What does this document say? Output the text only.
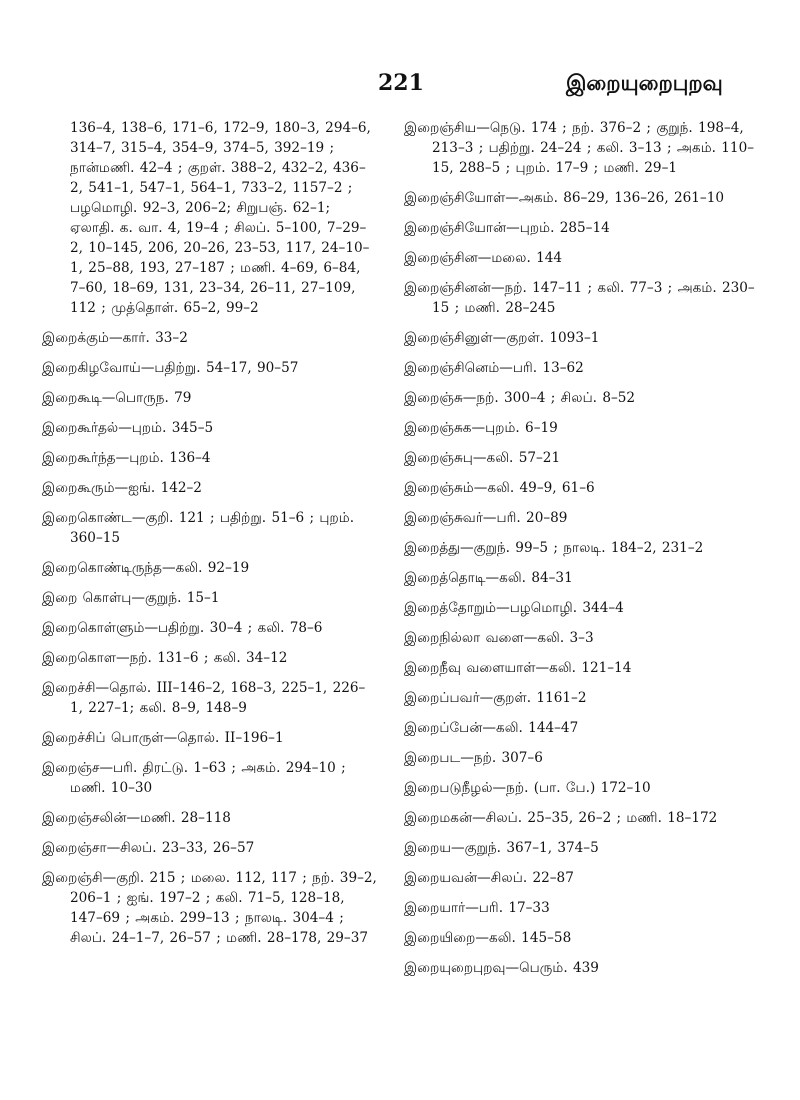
221	இறையுறைபுறவு

136–4, 138–6, 171–6, 172–9, 180–3, 294–6, 314–7, 315–4, 354–9, 374–5, 392–19 ; நான்மணி. 42–4 ; குறள். 388–2, 432–2, 436–2, 541–1, 547–1, 564–1, 733–2, 1157–2 ; பழமொழி. 92–3, 206–2; சிறுபஞ். 62–1; ஏலாதி. க. வா. 4, 19–4 ; சிலப். 5–100, 7–29–2, 10–145, 206, 20–26, 23–53, 117, 24–10–1, 25–88, 193, 27–187 ; மணி. 4–69, 6–84, 7–60, 18–69, 131, 23–34, 26–11, 27–109, 112 ; முத்தொள். 65–2, 99–2

இறைக்கும்—கார். 33–2

இறைகிழவோய்—பதிற்று. 54–17, 90–57

இறைகூடி—பொருந. 79

இறைகூர்தல்—புறம். 345–5

இறைகூர்ந்த—புறம். 136–4

இறைகூரும்—ஐங். 142–2

இறைகொண்ட—குறி. 121 ; பதிற்று. 51–6 ; புறம். 360–15

இறைகொண்டிருந்த—கலி. 92–19

இறை கொள்பு—குறுந். 15–1

இறைகொள்ளும்—பதிற்று. 30–4 ; கலி. 78–6

இறைகொள—நற். 131–6 ; கலி. 34–12

இறைச்சி—தொல். III–146–2, 168–3, 225–1, 226–1, 227–1; கலி. 8–9, 148–9

இறைச்சிப் பொருள்—தொல். II–196–1

இறைஞ்ச—பரி. திரட்டு. 1–63 ; அகம். 294–10 ; மணி. 10–30

இறைஞ்சலின்—மணி. 28–118

இறைஞ்சா—சிலப். 23–33, 26–57

இறைஞ்சி—குறி. 215 ; மலை. 112, 117 ; நற். 39–2, 206–1 ; ஐங். 197–2 ; கலி. 71–5, 128–18, 147–69 ; அகம். 299–13 ; நாலடி. 304–4 ; சிலப். 24–1–7, 26–57 ; மணி. 28–178, 29–37

இறைஞ்சிய—நெடு. 174 ; நற். 376–2 ; குறுந். 198–4, 213–3 ; பதிற்று. 24–24 ; கலி. 3–13 ; அகம். 110–15, 288–5 ; புறம். 17–9 ; மணி. 29–1

இறைஞ்சியோள்—அகம். 86–29, 136–26, 261–10

இறைஞ்சியோன்—புறம். 285–14

இறைஞ்சின—மலை. 144

இறைஞ்சினன்—நற். 147–11 ; கலி. 77–3 ; அகம். 230–15 ; மணி. 28–245

இறைஞ்சினுள்—குறள். 1093–1

இறைஞ்சினெம்—பரி. 13–62

இறைஞ்சு—நற். 300–4 ; சிலப். 8–52

இறைஞ்சுக—புறம். 6–19

இறைஞ்சுபு—கலி. 57–21

இறைஞ்சும்—கலி. 49–9, 61–6

இறைஞ்சுவர்—பரி. 20–89

இறைத்து—குறுந். 99–5 ; நாலடி. 184–2, 231–2

இறைத்தொடி—கலி. 84–31

இறைத்தோறும்—பழமொழி. 344–4

இறைநில்லா வளை—கலி. 3–3

இறைநீவு வளையாள்—கலி. 121–14

இறைப்பவர்—குறள். 1161–2

இறைப்பேன்—கலி. 144–47

இறைபட—நற். 307–6

இறைபடுநீழல்—நற். (பா. பே.) 172–10

இறைமகன்—சிலப். 25–35, 26–2 ; மணி. 18–172

இறைய—குறுந். 367–1, 374–5

இறையவன்—சிலப். 22–87

இறையார்—பரி. 17–33

இறையிறை—கலி. 145–58

இறையுறைபுறவு—பெரும். 439
